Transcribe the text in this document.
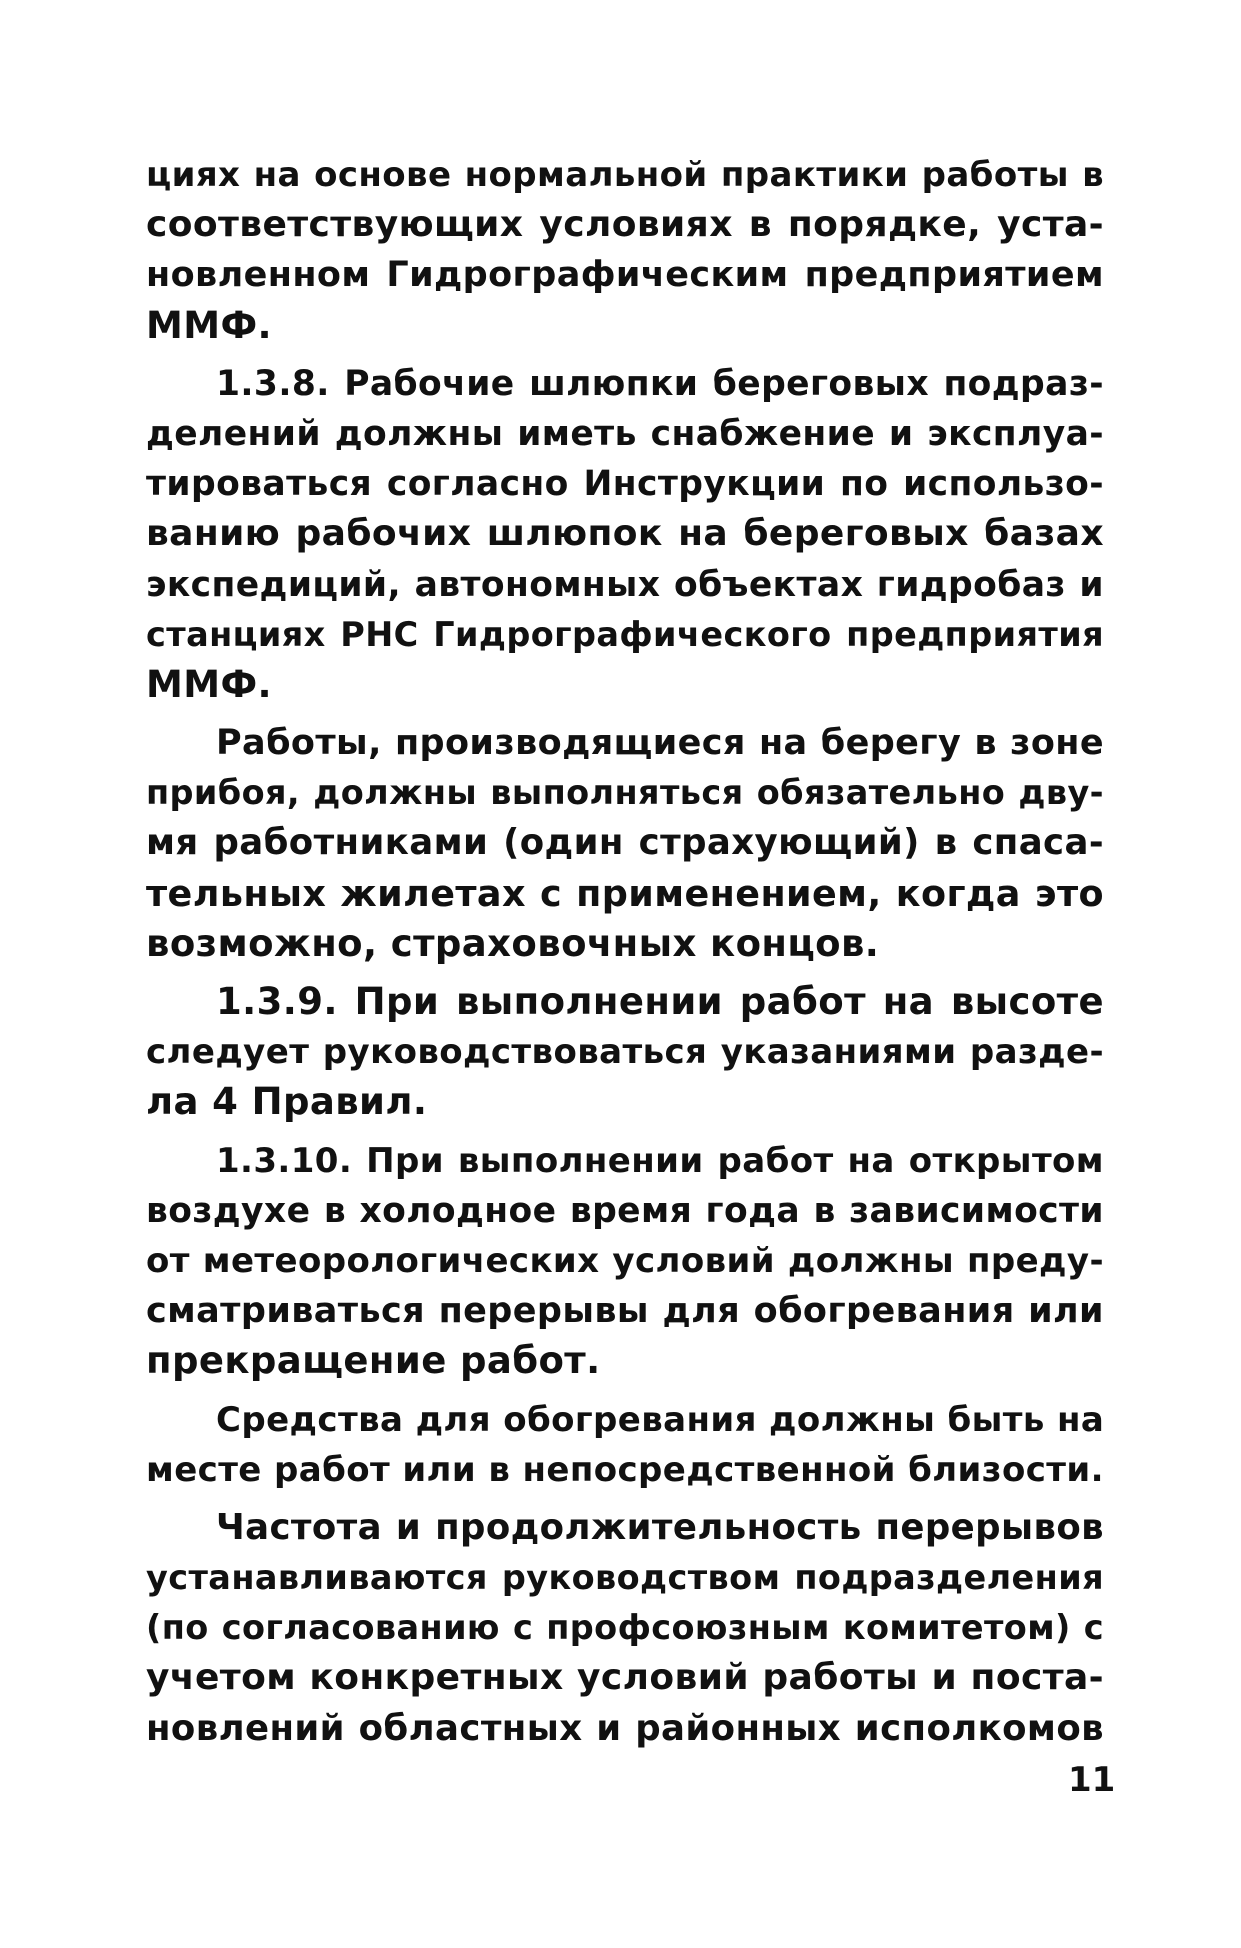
циях на основе нормальной практики работы в
соответствующих условиях в порядке, уста-
новленном Гидрографическим предприятием
ММФ.
1.3.8. Рабочие шлюпки береговых подраз-
делений должны иметь снабжение и эксплуа-
тироваться согласно Инструкции по использо-
ванию рабочих шлюпок на береговых базах
экспедиций, автономных объектах гидробаз и
станциях РНС Гидрографического предприятия
ММФ.
Работы, производящиеся на берегу в зоне
прибоя, должны выполняться обязательно дву-
мя работниками (один страхующий) в спаса-
тельных жилетах с применением, когда это
возможно, страховочных концов.
1.3.9. При выполнении работ на высоте
следует руководствоваться указаниями разде-
ла 4 Правил.
1.3.10. При выполнении работ на открытом
воздухе в холодное время года в зависимости
от метеорологических условий должны преду-
сматриваться перерывы для обогревания или
прекращение работ.
Средства для обогревания должны быть на
месте работ или в непосредственной близости.
Частота и продолжительность перерывов
устанавливаются руководством подразделения
(по согласованию с профсоюзным комитетом) с
учетом конкретных условий работы и поста-
новлений областных и районных исполкомов
11
